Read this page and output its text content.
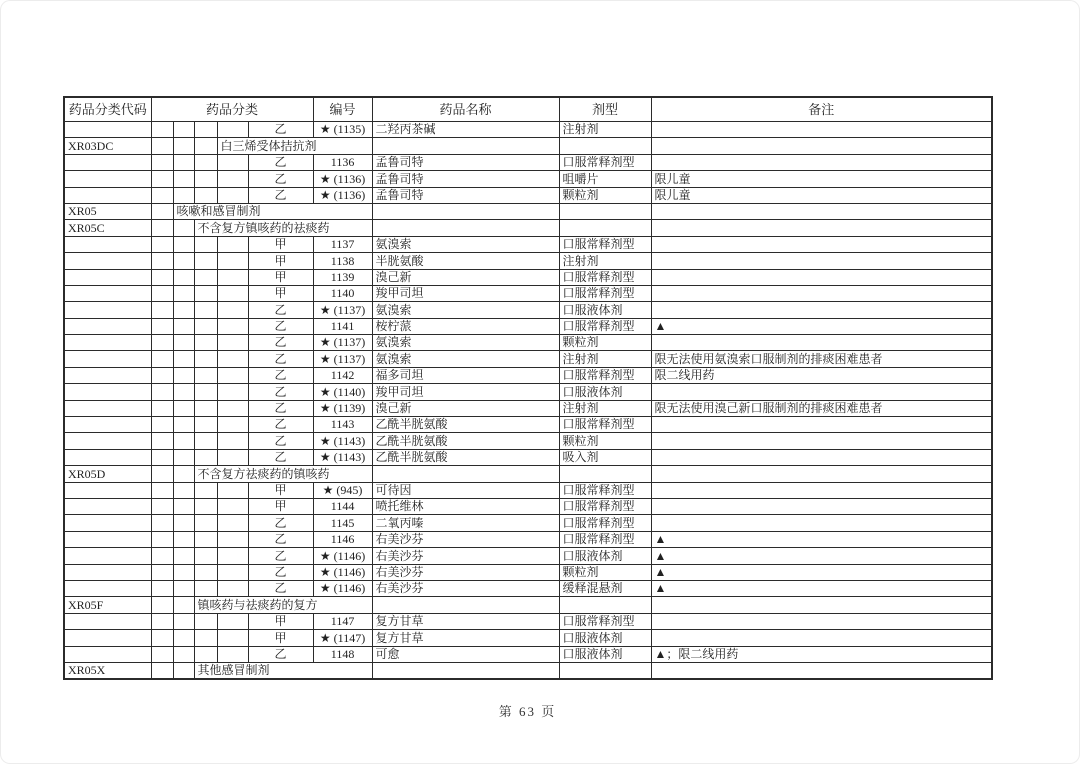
药品分类代码	药品分类					编号	药品名称	剂型	备注
					乙	★ (1135)	二羟丙茶碱	注射剂	
XR03DC				白三烯受体拮抗剂					
					乙	1136	孟鲁司特	口服常释剂型	
					乙	★ (1136)	孟鲁司特	咀嚼片	限儿童
					乙	★ (1136)	孟鲁司特	颗粒剂	限儿童
XR05		咳嗽和感冒制剂							
XR05C			不含复方镇咳药的祛痰药						
					甲	1137	氨溴索	口服常释剂型	
					甲	1138	半胱氨酸	注射剂	
					甲	1139	溴己新	口服常释剂型	
					甲	1140	羧甲司坦	口服常释剂型	
					乙	★ (1137)	氨溴索	口服液体剂	
					乙	1141	桉柠蒎	口服常释剂型	▲
					乙	★ (1137)	氨溴索	颗粒剂	
					乙	★ (1137)	氨溴索	注射剂	限无法使用氨溴索口服制剂的排痰困难患者
					乙	1142	福多司坦	口服常释剂型	限二线用药
					乙	★ (1140)	羧甲司坦	口服液体剂	
					乙	★ (1139)	溴己新	注射剂	限无法使用溴己新口服制剂的排痰困难患者
					乙	1143	乙酰半胱氨酸	口服常释剂型	
					乙	★ (1143)	乙酰半胱氨酸	颗粒剂	
					乙	★ (1143)	乙酰半胱氨酸	吸入剂	
XR05D			不含复方祛痰药的镇咳药						
					甲	★ (945)	可待因	口服常释剂型	
					甲	1144	喷托维林	口服常释剂型	
					乙	1145	二氧丙嗪	口服常释剂型	
					乙	1146	右美沙芬	口服常释剂型	▲
					乙	★ (1146)	右美沙芬	口服液体剂	▲
					乙	★ (1146)	右美沙芬	颗粒剂	▲
					乙	★ (1146)	右美沙芬	缓释混悬剂	▲
XR05F			镇咳药与祛痰药的复方						
					甲	1147	复方甘草	口服常释剂型	
					甲	★ (1147)	复方甘草	口服液体剂	
					乙	1148	可愈	口服液体剂	▲；限二线用药
XR05X			其他感冒制剂						
第 63 页
